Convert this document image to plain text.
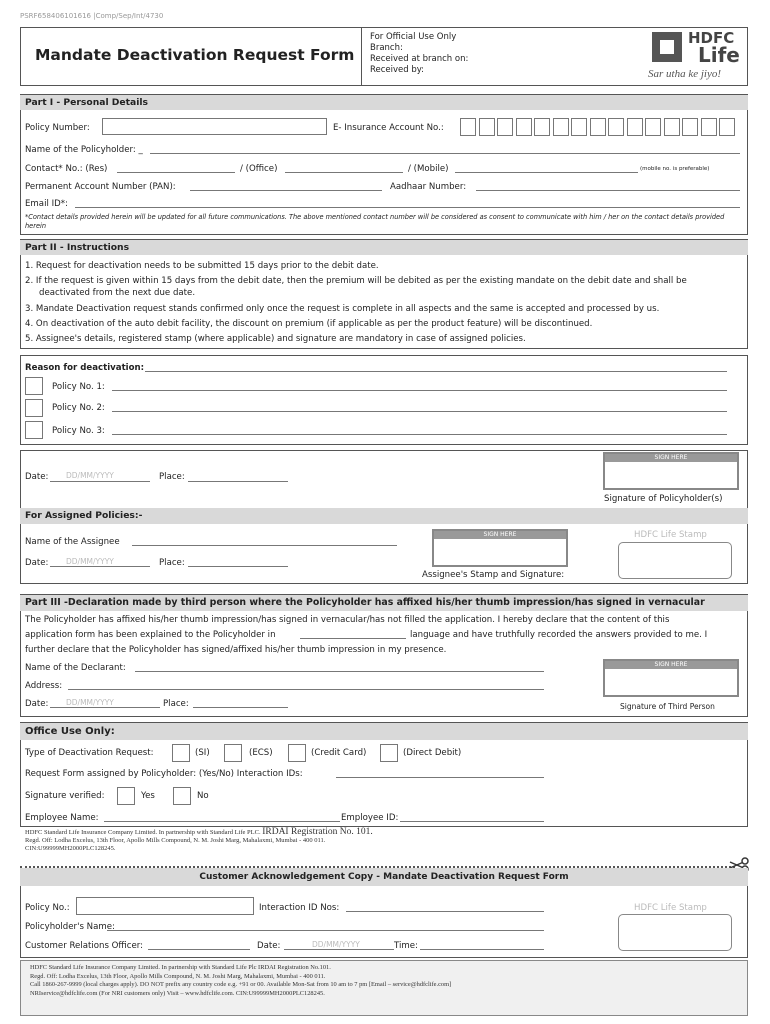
PSRF658406101616 |Comp/Sep/Int/4730
Mandate Deactivation Request Form
For Official Use Only
Branch:
Received at branch on:
Received by:
HDFC
Life
Sar utha ke jiyo!
Part I - Personal Details
Policy Number:	E- Insurance Account No.:
Name of the Policyholder: _
Contact* No.: (Res)	/ (Office)	/ (Mobile)	(mobile no. is preferable)
Permanent Account Number (PAN):	Aadhaar Number:
Email ID*:
*Contact details provided herein will be updated for all future communications. The above mentioned contact number will be considered as consent to communicate with him / her on the contact details provided herein
Part II - Instructions
1. Request for deactivation needs to be submitted 15 days prior to the debit date.
2. If the request is given within 15 days from the debit date, then the premium will be debited as per the existing mandate on the debit date and shall be
deactivated from the next due date.
3. Mandate Deactivation request stands confirmed only once the request is complete in all aspects and the same is accepted and processed by us.
4. On deactivation of the auto debit facility, the discount on premium (if applicable as per the product feature) will be discontinued.
5. Assignee's details, registered stamp (where applicable) and signature are mandatory in case of assigned policies.
Reason for deactivation:
Policy No. 1:
Policy No. 2:
Policy No. 3:
Date: DD/MM/YYYY	Place:
SIGN HERE
Signature of Policyholder(s)
For Assigned Policies:-
Name of the Assignee
Date: DD/MM/YYYY	Place:
SIGN HERE
Assignee's Stamp and Signature:
HDFC Life Stamp
Part III -Declaration made by third person where the Policyholder has affixed his/her thumb impression/has signed in vernacular
The Policyholder has affixed his/her thumb impression/has signed in vernacular/has not filled the application. I hereby declare that the content of this
application form has been explained to the Policyholder in	language and have truthfully recorded the answers provided to me. I
further declare that the Policyholder has signed/affixed his/her thumb impression in my presence.
Name of the Declarant:
Address:
Date: DD/MM/YYYY	Place:
SIGN HERE
Signature of Third Person
Office Use Only:
Type of Deactivation Request:	(SI)	(ECS)	(Credit Card)	(Direct Debit)
Request Form assigned by Policyholder: (Yes/No) Interaction IDs:
Signature verified:	Yes	No
Employee Name:	Employee ID:
HDFC Standard Life Insurance Company Limited. In partnership with Standard Life PLC. IRDAI Registration No. 101.
Regd. Off: Lodha Excelus, 13th Floor, Apollo Mills Compound, N. M. Joshi Marg, Mahalaxmi, Mumbai - 400 011.
CIN:U99999MH2000PLC128245.
Customer Acknowledgement Copy - Mandate Deactivation Request Form
Policy No.:	Interaction ID Nos:
Policyholder's Name:
Customer Relations Officer:	Date:	DD/MM/YYYY	Time:
HDFC Life Stamp
HDFC Standard Life Insurance Company Limited. In partnership with Standard Life Plc IRDAI Registration No.101.
Regd. Off: Lodha Excelus, 13th Floor, Apollo Mills Compound, N. M. Joshi Marg, Mahalaxmi, Mumbai - 400 011.
Call 1860-267-9999 (local charges apply). DO NOT prefix any country code e.g. +91 or 00. Available Mon-Sat from 10 am to 7 pm [Email – service@hdfclife.com]
NRIservice@hdfclife.com (For NRI customers only) Visit – www.hdfclife.com. CIN:U99999MH2000PLC128245.
